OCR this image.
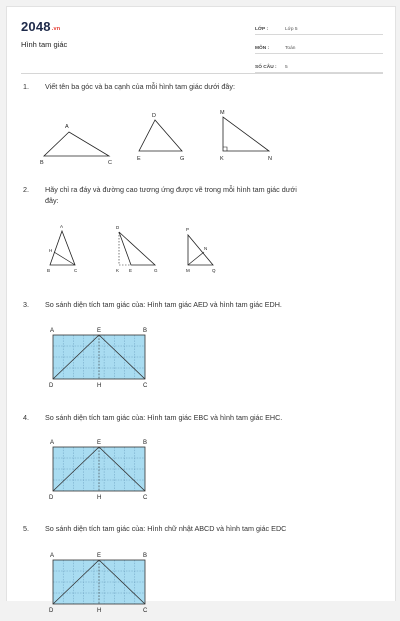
2048.vn
Hình tam giác
LỚP :	Lớp 5
MÔN :	Toán
SỐ CÂU :	5
1. Viết tên ba góc và ba cạnh của mỗi hình tam giác dưới đây:
A
B	C
D
E	G
M
K	N
2. Hãy chỉ ra đáy và đường cao tương ứng được vẽ trong mỗi hình tam giác dưới
đây:
A
H
B	C
D
K E	G
P
N
M	Q
3. So sánh diện tích tam giác của: Hình tam giác AED và hình tam giác EDH.
A	E	B
D	H	C
4. So sánh diện tích tam giác của: Hình tam giác EBC và hình tam giác EHC.
A	E	B
D	H	C
5. So sánh diện tích tam giác của: Hình chữ nhật ABCD và hình tam giác EDC
A	E	B
D	H	C
